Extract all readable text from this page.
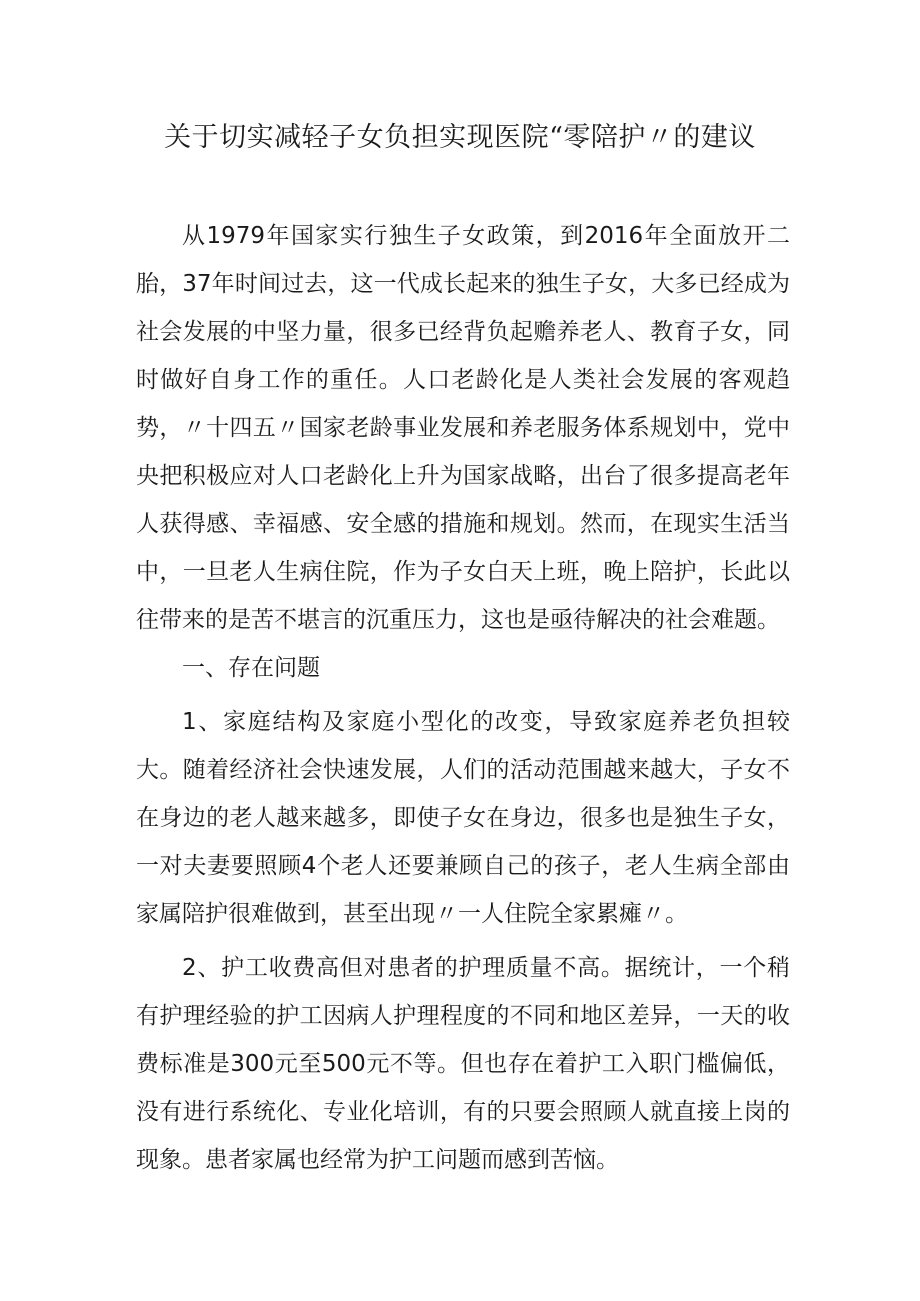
关于切实减轻子女负担实现医院“零陪护〃的建议

从1979年国家实行独生子女政策，到2016年全面放开二胎，37年时间过去，这一代成长起来的独生子女，大多已经成为社会发展的中坚力量，很多已经背负起赡养老人、教育子女，同时做好自身工作的重任。人口老龄化是人类社会发展的客观趋势，〃十四五〃国家老龄事业发展和养老服务体系规划中，党中央把积极应对人口老龄化上升为国家战略，出台了很多提高老年人获得感、幸福感、安全感的措施和规划。然而，在现实生活当中，一旦老人生病住院，作为子女白天上班，晚上陪护，长此以往带来的是苦不堪言的沉重压力，这也是亟待解决的社会难题。

一、存在问题

1、家庭结构及家庭小型化的改变，导致家庭养老负担较大。随着经济社会快速发展，人们的活动范围越来越大，子女不在身边的老人越来越多，即使子女在身边，很多也是独生子女，一对夫妻要照顾4个老人还要兼顾自己的孩子，老人生病全部由家属陪护很难做到，甚至出现〃一人住院全家累瘫〃。

2、护工收费高但对患者的护理质量不高。据统计，一个稍有护理经验的护工因病人护理程度的不同和地区差异，一天的收费标准是300元至500元不等。但也存在着护工入职门槛偏低，没有进行系统化、专业化培训，有的只要会照顾人就直接上岗的现象。患者家属也经常为护工问题而感到苦恼。
